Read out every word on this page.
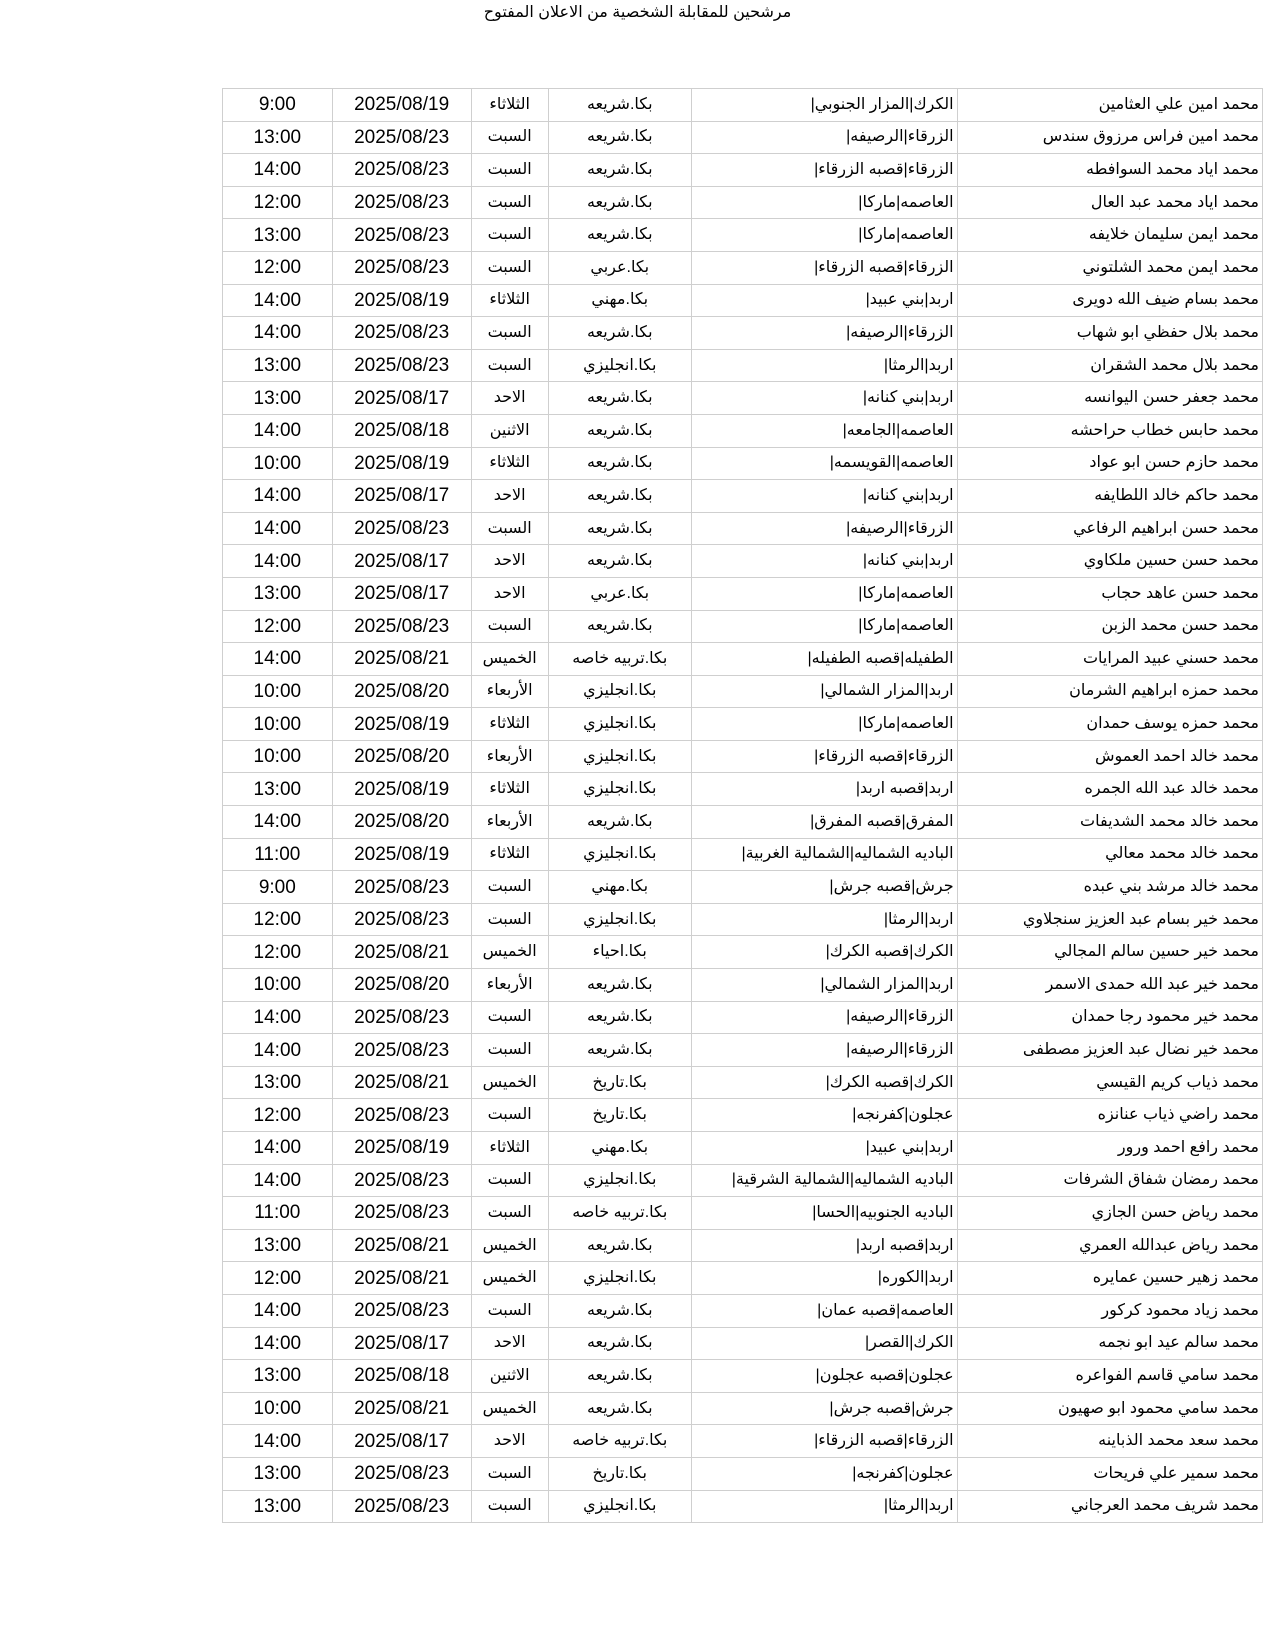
مرشحين للمقابلة الشخصية من الاعلان المفتوح
محمد امين علي العثامين	الكرك|المزار الجنوبي|	بكا.شريعه	الثلاثاء	2025/08/19	9:00
محمد امين فراس مرزوق سندس	الزرقاء|الرصيفه|	بكا.شريعه	السبت	2025/08/23	13:00
محمد اياد محمد السوافطه	الزرقاء|قصبه الزرقاء|	بكا.شريعه	السبت	2025/08/23	14:00
محمد اياد محمد عبد العال	العاصمه|ماركا|	بكا.شريعه	السبت	2025/08/23	12:00
محمد ايمن سليمان خلايفه	العاصمه|ماركا|	بكا.شريعه	السبت	2025/08/23	13:00
محمد ايمن محمد الشلتوني	الزرقاء|قصبه الزرقاء|	بكا.عربي	السبت	2025/08/23	12:00
محمد بسام ضيف الله دويرى	اربد|بني عبيد|	بكا.مهني	الثلاثاء	2025/08/19	14:00
محمد بلال حفظي ابو شهاب	الزرقاء|الرصيفه|	بكا.شريعه	السبت	2025/08/23	14:00
محمد بلال محمد الشقران	اربد|الرمثا|	بكا.انجليزي	السبت	2025/08/23	13:00
محمد جعفر حسن اليوانسه	اربد|بني كنانه|	بكا.شريعه	الاحد	2025/08/17	13:00
محمد حابس خطاب حراحشه	العاصمه|الجامعه|	بكا.شريعه	الاثنين	2025/08/18	14:00
محمد حازم حسن ابو عواد	العاصمه|القويسمه|	بكا.شريعه	الثلاثاء	2025/08/19	10:00
محمد حاكم خالد اللطايفه	اربد|بني كنانه|	بكا.شريعه	الاحد	2025/08/17	14:00
محمد حسن ابراهيم الرفاعي	الزرقاء|الرصيفه|	بكا.شريعه	السبت	2025/08/23	14:00
محمد حسن حسين ملكاوي	اربد|بني كنانه|	بكا.شريعه	الاحد	2025/08/17	14:00
محمد حسن عاهد حجاب	العاصمه|ماركا|	بكا.عربي	الاحد	2025/08/17	13:00
محمد حسن محمد الزبن	العاصمه|ماركا|	بكا.شريعه	السبت	2025/08/23	12:00
محمد حسني عبيد المرايات	الطفيله|قصبه الطفيله|	بكا.تربيه خاصه	الخميس	2025/08/21	14:00
محمد حمزه ابراهيم الشرمان	اربد|المزار الشمالي|	بكا.انجليزي	الأربعاء	2025/08/20	10:00
محمد حمزه يوسف حمدان	العاصمه|ماركا|	بكا.انجليزي	الثلاثاء	2025/08/19	10:00
محمد خالد احمد العموش	الزرقاء|قصبه الزرقاء|	بكا.انجليزي	الأربعاء	2025/08/20	10:00
محمد خالد عبد الله الجمره	اربد|قصبه اربد|	بكا.انجليزي	الثلاثاء	2025/08/19	13:00
محمد خالد محمد الشديفات	المفرق|قصبه المفرق|	بكا.شريعه	الأربعاء	2025/08/20	14:00
محمد خالد محمد معالي	الباديه الشماليه|الشمالية الغربية|	بكا.انجليزي	الثلاثاء	2025/08/19	11:00
محمد خالد مرشد بني عبده	جرش|قصبه جرش|	بكا.مهني	السبت	2025/08/23	9:00
محمد خير بسام عبد العزيز سنجلاوي	اربد|الرمثا|	بكا.انجليزي	السبت	2025/08/23	12:00
محمد خير حسين سالم المجالي	الكرك|قصبه الكرك|	بكا.احياء	الخميس	2025/08/21	12:00
محمد خير عبد الله حمدى الاسمر	اربد|المزار الشمالي|	بكا.شريعه	الأربعاء	2025/08/20	10:00
محمد خير محمود رجا حمدان	الزرقاء|الرصيفه|	بكا.شريعه	السبت	2025/08/23	14:00
محمد خير نضال عبد العزيز مصطفى	الزرقاء|الرصيفه|	بكا.شريعه	السبت	2025/08/23	14:00
محمد ذياب كريم القيسي	الكرك|قصبه الكرك|	بكا.تاريخ	الخميس	2025/08/21	13:00
محمد راضي ذياب عنانزه	عجلون|كفرنجه|	بكا.تاريخ	السبت	2025/08/23	12:00
محمد رافع احمد ورور	اربد|بني عبيد|	بكا.مهني	الثلاثاء	2025/08/19	14:00
محمد رمضان شفاق الشرفات	الباديه الشماليه|الشمالية الشرقية|	بكا.انجليزي	السبت	2025/08/23	14:00
محمد رياض حسن الجازي	الباديه الجنوبيه|الحسا|	بكا.تربيه خاصه	السبت	2025/08/23	11:00
محمد رياض عبدالله العمري	اربد|قصبه اربد|	بكا.شريعه	الخميس	2025/08/21	13:00
محمد زهير حسين عمايره	اربد|الكوره|	بكا.انجليزي	الخميس	2025/08/21	12:00
محمد زياد محمود كركور	العاصمه|قصبه عمان|	بكا.شريعه	السبت	2025/08/23	14:00
محمد سالم عيد ابو نجمه	الكرك|القصر|	بكا.شريعه	الاحد	2025/08/17	14:00
محمد سامي قاسم الفواعره	عجلون|قصبه عجلون|	بكا.شريعه	الاثنين	2025/08/18	13:00
محمد سامي محمود ابو صهيون	جرش|قصبه جرش|	بكا.شريعه	الخميس	2025/08/21	10:00
محمد سعد محمد الذباينه	الزرقاء|قصبه الزرقاء|	بكا.تربيه خاصه	الاحد	2025/08/17	14:00
محمد سمير علي فريحات	عجلون|كفرنجه|	بكا.تاريخ	السبت	2025/08/23	13:00
محمد شريف محمد العرجاني	اربد|الرمثا|	بكا.انجليزي	السبت	2025/08/23	13:00
